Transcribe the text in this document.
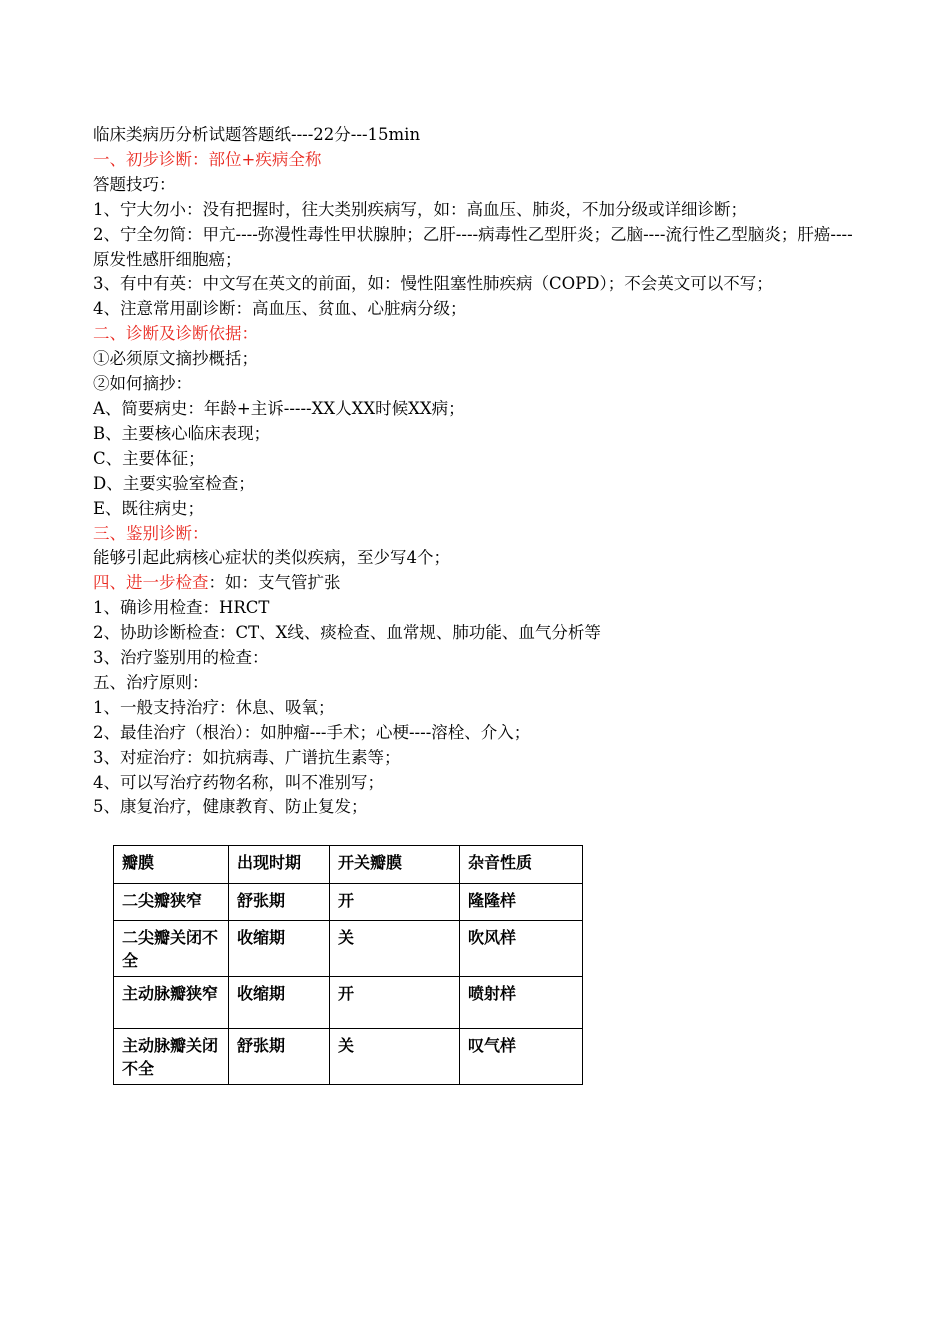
临床类病历分析试题答题纸----22分---15min
一、初步诊断：部位+疾病全称
答题技巧：
1、宁大勿小：没有把握时，往大类别疾病写，如：高血压、肺炎，不加分级或详细诊断；
2、宁全勿简：甲亢----弥漫性毒性甲状腺肿；乙肝----病毒性乙型肝炎；乙脑----流行性乙型脑炎；肝癌----原发性感肝细胞癌；
3、有中有英：中文写在英文的前面，如：慢性阻塞性肺疾病（COPD）；不会英文可以不写；
4、注意常用副诊断：高血压、贫血、心脏病分级；
二、诊断及诊断依据：
①必须原文摘抄概括；
②如何摘抄：
A、简要病史：年龄+主诉-----XX人XX时候XX病；
B、主要核心临床表现；
C、主要体征；
D、主要实验室检查；
E、既往病史；
三、鉴别诊断：
能够引起此病核心症状的类似疾病，至少写4个；
四、进一步检查：如：支气管扩张
1、确诊用检查：HRCT
2、协助诊断检查：CT、X线、痰检查、血常规、肺功能、血气分析等
3、治疗鉴别用的检查：
五、治疗原则：
1、一般支持治疗：休息、吸氧；
2、最佳治疗（根治）：如肿瘤---手术；心梗----溶栓、介入；
3、对症治疗：如抗病毒、广谱抗生素等；
4、可以写治疗药物名称，叫不准别写；
5、康复治疗，健康教育、防止复发；
瓣膜	出现时期	开关瓣膜	杂音性质
二尖瓣狭窄	舒张期	开	隆隆样
二尖瓣关闭不全	收缩期	关	吹风样
主动脉瓣狭窄	收缩期	开	喷射样
主动脉瓣关闭不全	舒张期	关	叹气样
